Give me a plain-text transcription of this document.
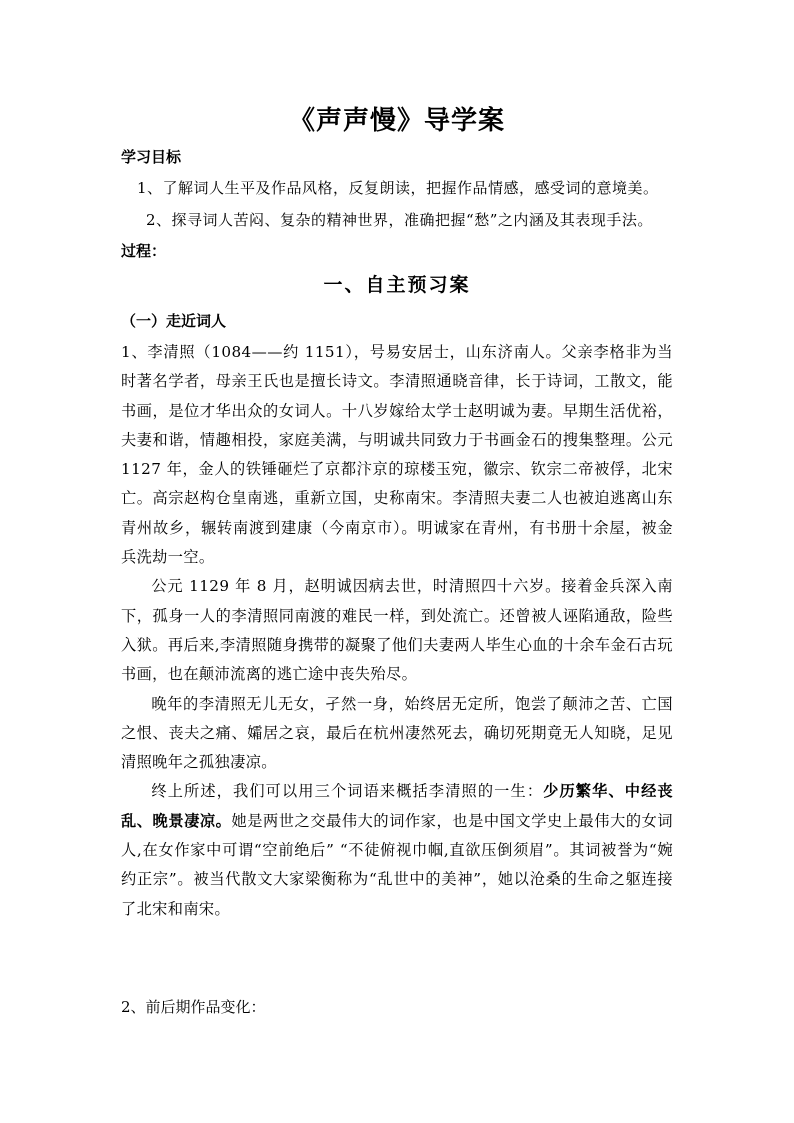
《声声慢》导学案
学习目标
1、了解词人生平及作品风格，反复朗读，把握作品情感，感受词的意境美。
2、探寻词人苦闷、复杂的精神世界，准确把握“愁”之内涵及其表现手法。
过程：
一、自主预习案
（一）走近词人

1、李清照（1084——约 1151），号易安居士，山东济南人。父亲李格非为当时著名学者，母亲王氏也是擅长诗文。李清照通晓音律，长于诗词，工散文，能书画，是位才华出众的女词人。十八岁嫁给太学士赵明诚为妻。早期生活优裕，夫妻和谐，情趣相投，家庭美满，与明诚共同致力于书画金石的搜集整理。公元 1127 年，金人的铁锤砸烂了京都汴京的琼楼玉宛，徽宗、钦宗二帝被俘，北宋亡。高宗赵构仓皇南逃，重新立国，史称南宋。李清照夫妻二人也被迫逃离山东青州故乡，辗转南渡到建康（今南京市）。明诚家在青州，有书册十余屋，被金兵洗劫一空。

公元 1129 年 8 月，赵明诚因病去世，时清照四十六岁。接着金兵深入南下，孤身一人的李清照同南渡的难民一样，到处流亡。还曾被人诬陷通敌，险些入狱。再后来,李清照随身携带的凝聚了他们夫妻两人毕生心血的十余车金石古玩书画，也在颠沛流离的逃亡途中丧失殆尽。

晚年的李清照无儿无女，孑然一身，始终居无定所，饱尝了颠沛之苦、亡国之恨、丧夫之痛、孀居之哀，最后在杭州凄然死去，确切死期竟无人知晓，足见清照晚年之孤独凄凉。

终上所述，我们可以用三个词语来概括李清照的一生：少历繁华、中经丧乱、晚景凄凉。她是两世之交最伟大的词作家，也是中国文学史上最伟大的女词人,在女作家中可谓“空前绝后” “不徒俯视巾帼,直欲压倒须眉”。其词被誉为“婉约正宗”。被当代散文大家梁衡称为“乱世中的美神”，她以沧桑的生命之躯连接了北宋和南宋。

2、前后期作品变化：
